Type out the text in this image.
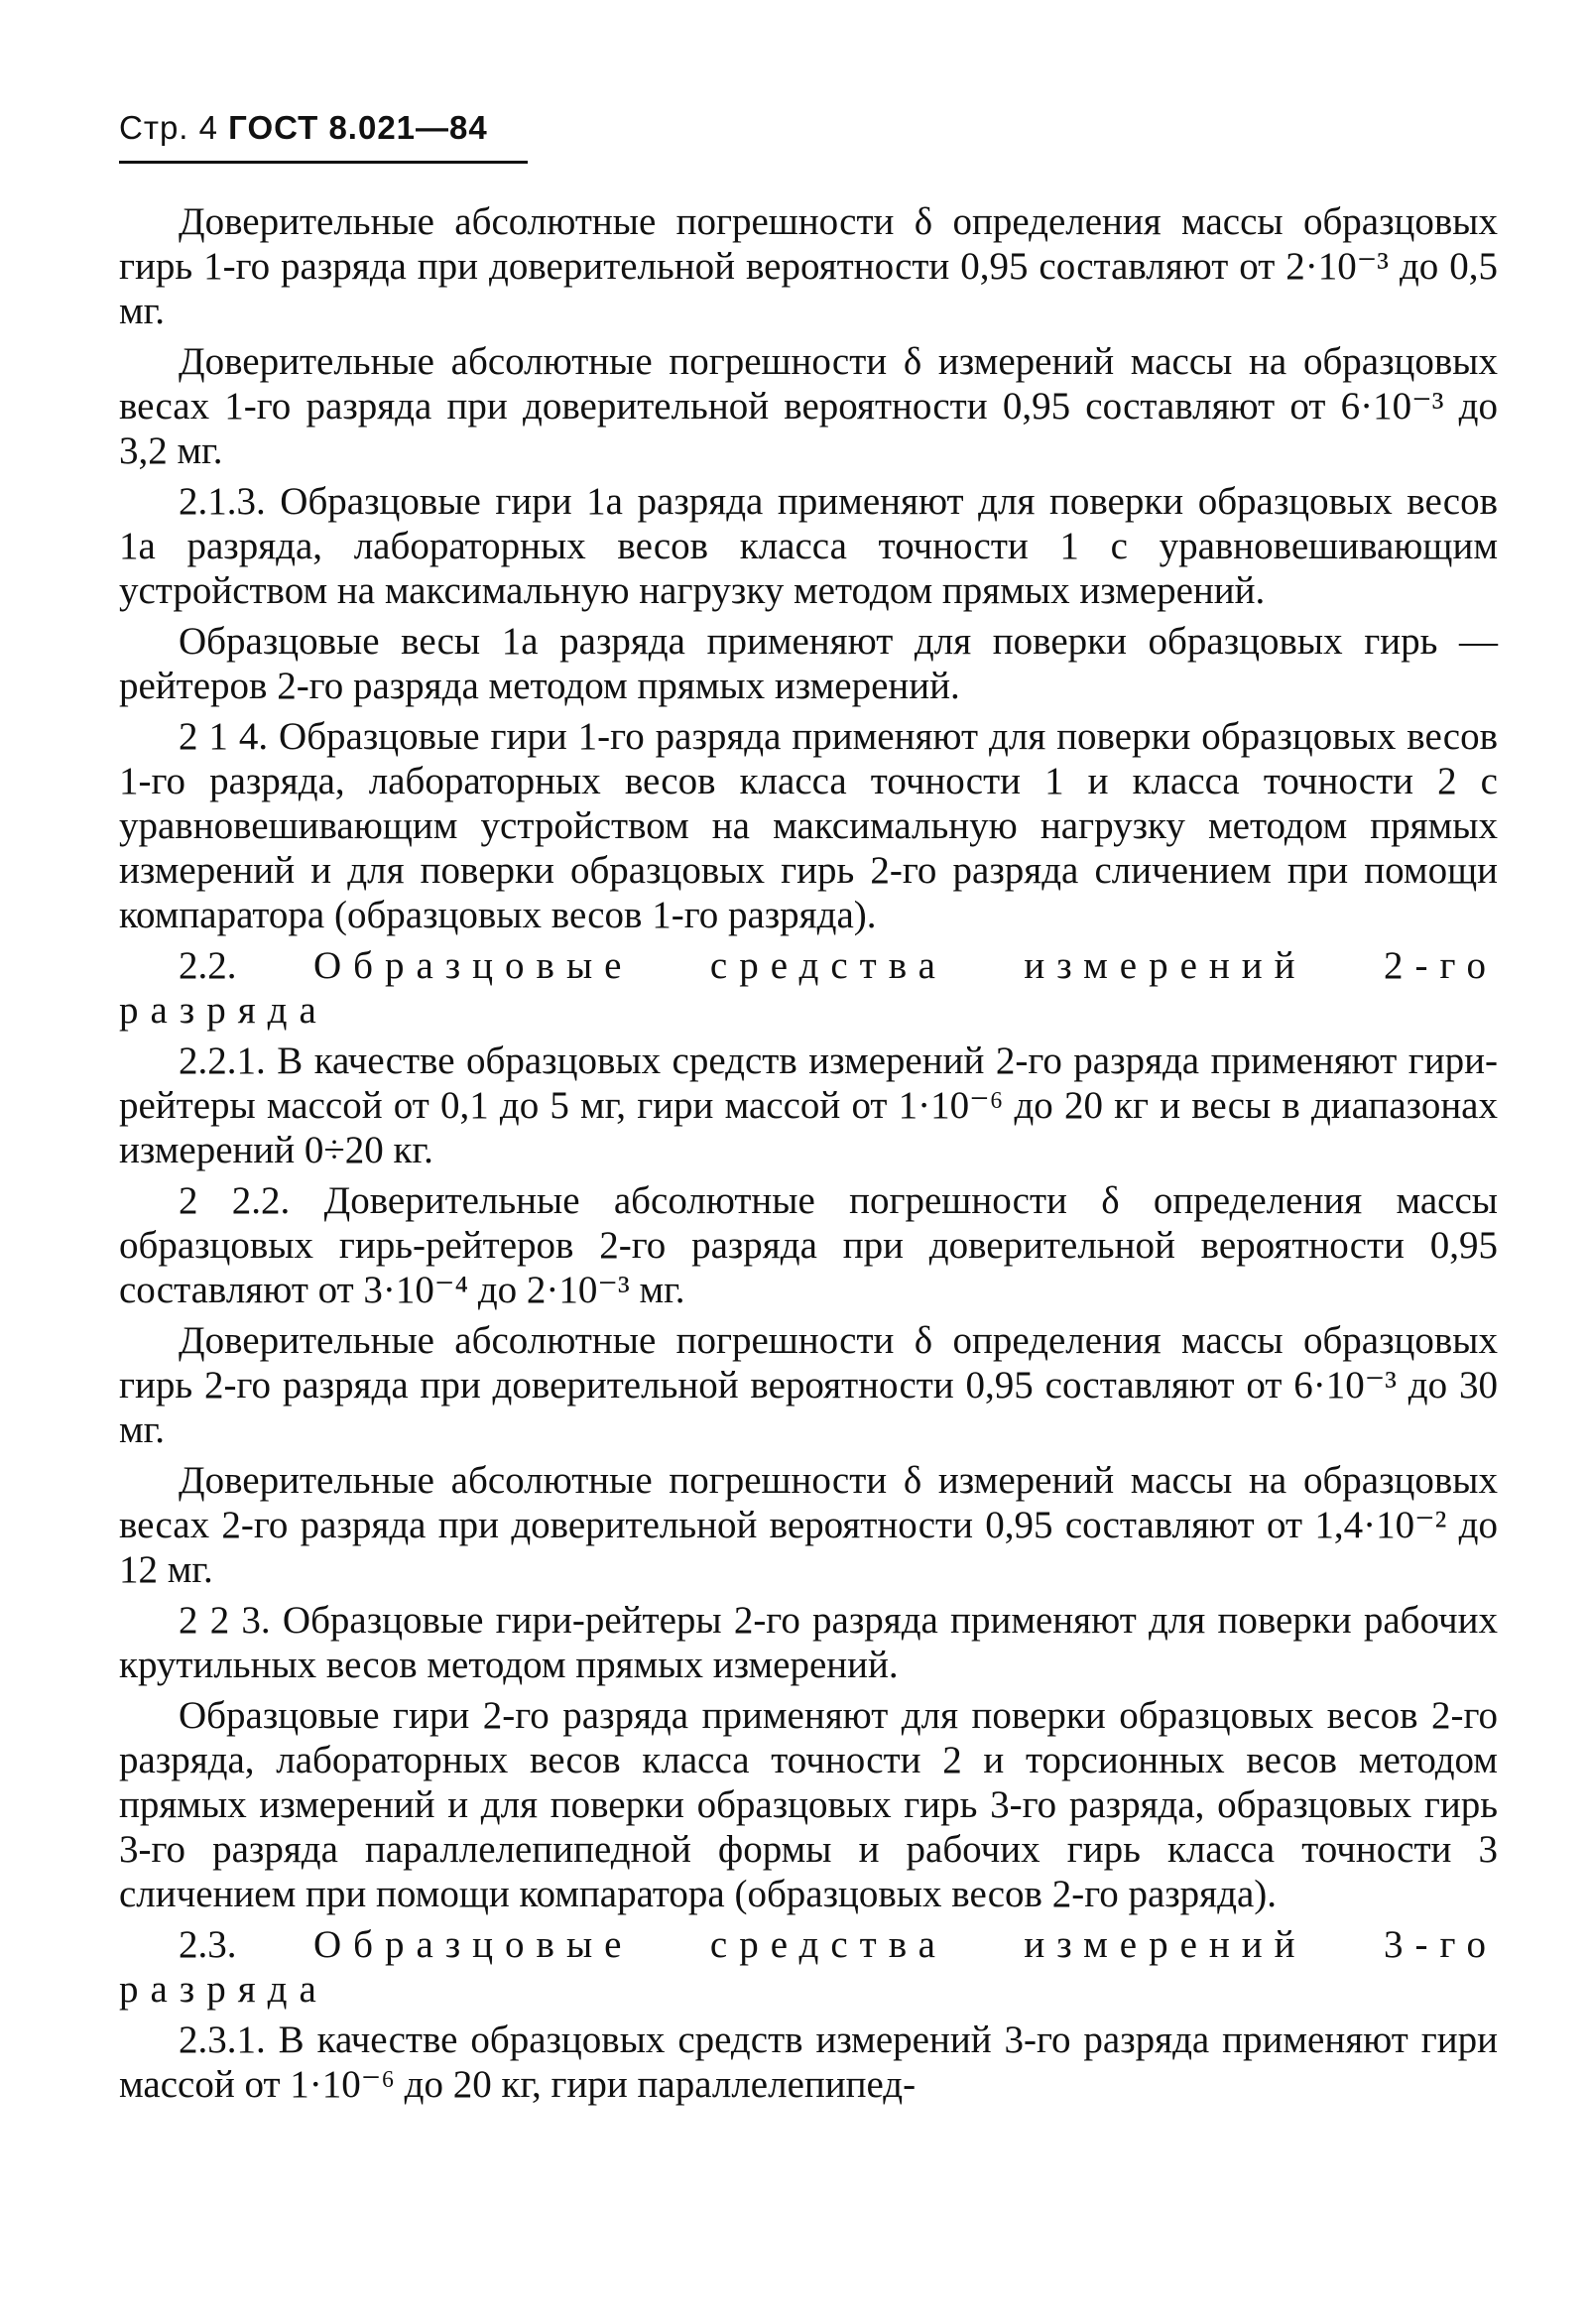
Стр. 4 ГОСТ 8.021—84

Доверительные абсолютные погрешности δ определения массы образцовых гирь 1-го разряда при доверительной вероятности 0,95 составляют от 2·10⁻³ до 0,5 мг.

Доверительные абсолютные погрешности δ измерений массы на образцовых весах 1-го разряда при доверительной вероятности 0,95 составляют от 6·10⁻³ до 3,2 мг.

2.1.3. Образцовые гири 1а разряда применяют для поверки образцовых весов 1а разряда, лабораторных весов класса точности 1 с уравновешивающим устройством на максимальную нагрузку методом прямых измерений.

Образцовые весы 1а разряда применяют для поверки образцовых гирь — рейтеров 2-го разряда методом прямых измерений.

2 1 4. Образцовые гири 1-го разряда применяют для поверки образцовых весов 1-го разряда, лабораторных весов класса точности 1 и класса точности 2 с уравновешивающим устройством на максимальную нагрузку методом прямых измерений и для поверки образцовых гирь 2-го разряда сличением при помощи компаратора (образцовых весов 1-го разряда).

2.2. Образцовые средства измерений 2-го разряда

2.2.1. В качестве образцовых средств измерений 2-го разряда применяют гири-рейтеры массой от 0,1 до 5 мг, гири массой от 1·10⁻⁶ до 20 кг и весы в диапазонах измерений 0÷20 кг.

2 2.2. Доверительные абсолютные погрешности δ определения массы образцовых гирь-рейтеров 2-го разряда при доверительной вероятности 0,95 составляют от 3·10⁻⁴ до 2·10⁻³ мг.

Доверительные абсолютные погрешности δ определения массы образцовых гирь 2-го разряда при доверительной вероятности 0,95 составляют от 6·10⁻³ до 30 мг.

Доверительные абсолютные погрешности δ измерений массы на образцовых весах 2-го разряда при доверительной вероятности 0,95 составляют от 1,4·10⁻² до 12 мг.

2 2 3. Образцовые гири-рейтеры 2-го разряда применяют для поверки рабочих крутильных весов методом прямых измерений.

Образцовые гири 2-го разряда применяют для поверки образцовых весов 2-го разряда, лабораторных весов класса точности 2 и торсионных весов методом прямых измерений и для поверки образцовых гирь 3-го разряда, образцовых гирь 3-го разряда параллелепипедной формы и рабочих гирь класса точности 3 сличением при помощи компаратора (образцовых весов 2-го разряда).

2.3. Образцовые средства измерений 3-го разряда

2.3.1. В качестве образцовых средств измерений 3-го разряда применяют гири массой от 1·10⁻⁶ до 20 кг, гири параллелепипед-
